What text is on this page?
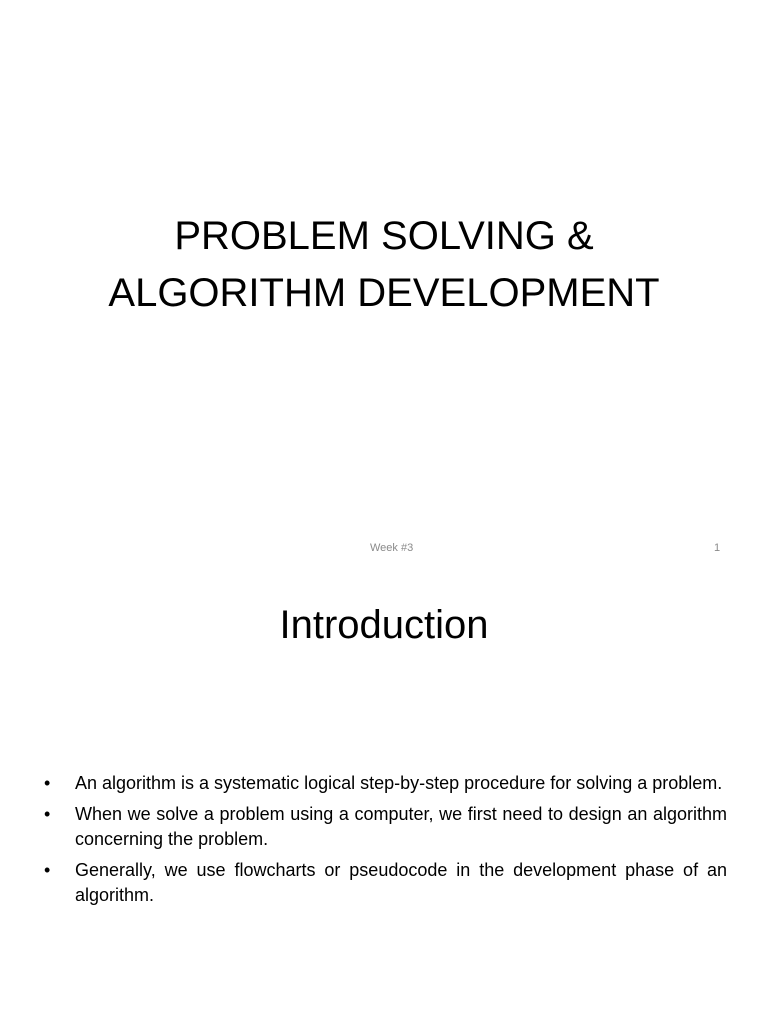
PROBLEM SOLVING &
ALGORITHM DEVELOPMENT
Week #3	1
Introduction
• An algorithm is a systematic logical step-by-step procedure for solving a problem.
• When we solve a problem using a computer, we first need to design an algorithm concerning the problem.
• Generally, we use flowcharts or pseudocode in the development phase of an algorithm.
